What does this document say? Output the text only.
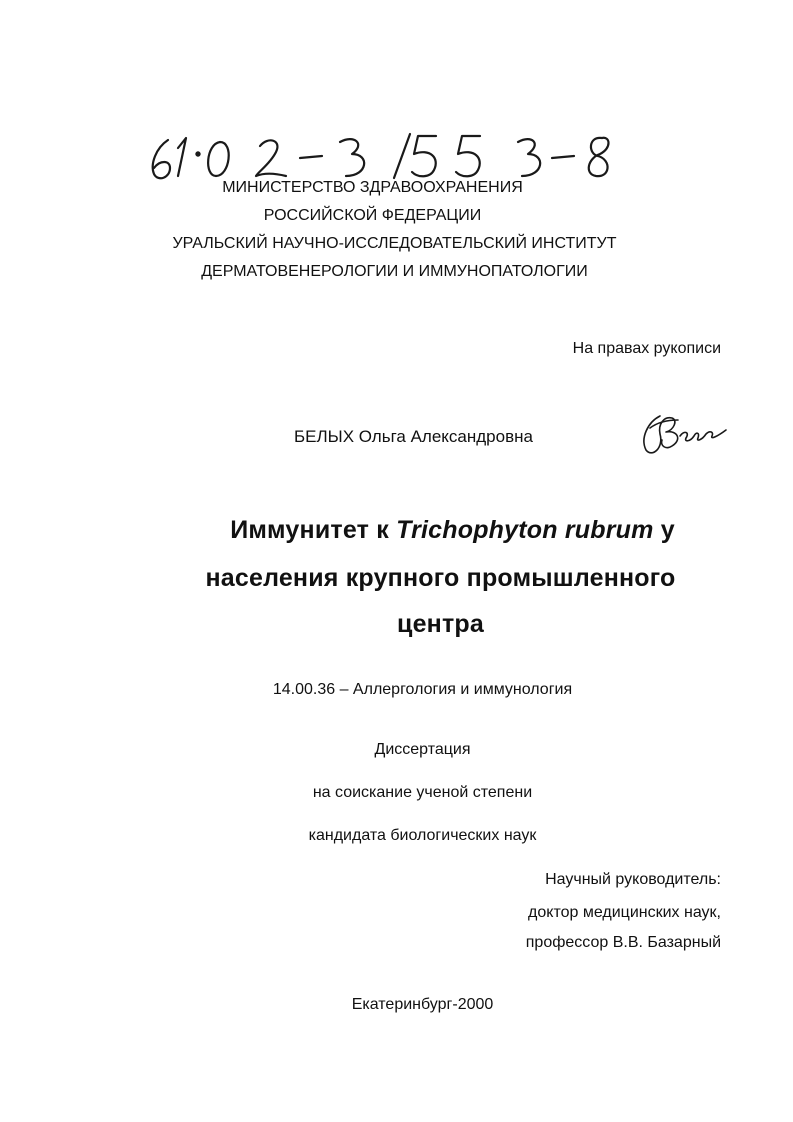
МИНИСТЕРСТВО ЗДРАВООХРАНЕНИЯ
РОССИЙСКОЙ ФЕДЕРАЦИИ
УРАЛЬСКИЙ НАУЧНО-ИССЛЕДОВАТЕЛЬСКИЙ ИНСТИТУТ
ДЕРМАТОВЕНЕРОЛОГИИ И ИММУНОПАТОЛОГИИ
На правах рукописи
БЕЛЫХ Ольга Александровна
Иммунитет к Trichophyton rubrum у
населения крупного промышленного
центра
14.00.36 – Аллергология и иммунология
Диссертация
на соискание ученой степени
кандидата биологических наук
Научный руководитель:
доктор медицинских наук,
профессор В.В. Базарный
Екатеринбург-2000
